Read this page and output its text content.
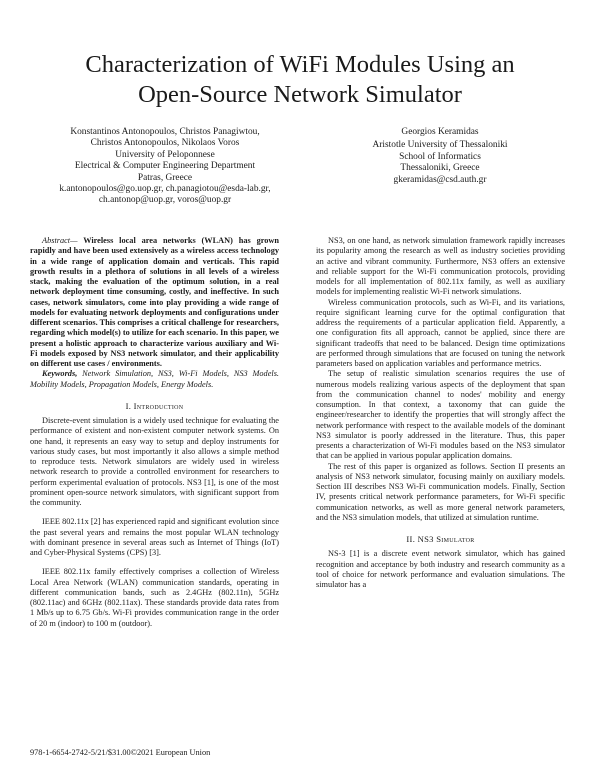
Characterization of WiFi Modules Using an
Open-Source Network Simulator
Konstantinos Antonopoulos, Christos Panagiwtou,
Christos Antonopoulos, Nikolaos Voros
University of Peloponnese
Electrical & Computer Engineering Department
Patras, Greece
k.antonopoulos@go.uop.gr, ch.panagiotou@esda-lab.gr,
ch.antonop@uop.gr, voros@uop.gr
Georgios Keramidas
Aristotle University of Thessaloniki
School of Informatics
Thessaloniki, Greece
gkeramidas@csd.auth.gr

Abstract— Wireless local area networks (WLAN) has grown rapidly and have been used extensively as a wireless access technology in a wide range of application domain and verticals. This rapid growth results in a plethora of solutions in all levels of a wireless stack, making the evaluation of the optimum solution, in a real network deployment time consuming, costly, and ineffective. In such cases, network simulators, come into play providing a wide range of models for evaluating network deployments and configurations under different scenarios. This comprises a critical challenge for researchers, regarding which model(s) to utilize for each scenario. In this paper, we present a holistic approach to characterize various auxiliary and Wi-Fi models exposed by NS3 network simulator, and their applicability on different use cases / environments.

Keywords, Network Simulation, NS3, Wi-Fi Models, NS3 Models. Mobility Models, Propagation Models, Energy Models.

I. Introduction

Discrete-event simulation is a widely used technique for evaluating the performance of existent and non-existent computer network systems. On one hand, it represents an easy way to setup and deploy instruments for various study cases, but most importantly it also allows a simple method to reproduce tests. Network simulators are widely used in wireless network research to provide a controlled environment for researchers to perform experimental evaluation of protocols. NS3 [1], is one of the most prominent open-source network simulators, with significant support from the community.

IEEE 802.11x [2] has experienced rapid and significant evolution since the past several years and remains the most popular WLAN technology with dominant presence in several areas such as Internet of Things (IoT) and Cyber-Physical Systems (CPS) [3].

IEEE 802.11x family effectively comprises a collection of Wireless Local Area Network (WLAN) communication standards, operating in different communication bands, such as 2.4GHz (802.11n), 5GHz (802.11ac) and 6GHz (802.11ax). These standards provide data rates from 1 Mb/s up to 6.75 Gb/s. Wi-Fi provides communication range in the order of 20 m (indoor) to 100 m (outdoor).

NS3, on one hand, as network simulation framework rapidly increases its popularity among the research as well as industry societies providing an active and vibrant community. Furthermore, NS3 offers an extensive and reliable support for the Wi-Fi communication protocols, providing models for all implementation of 802.11x family, as well as auxiliary models for implementing realistic Wi-Fi network simulations.

Wireless communication protocols, such as Wi-Fi, and its variations, require significant learning curve for the optimal configuration that address the requirements of a particular application field. Apparently, a one configuration fits all approach, cannot be applied, since there are significant tradeoffs that need to be balanced. Design time optimizations are performed through simulations that are focused on tuning the network parameters based on application variables and performance metrics.

The setup of realistic simulation scenarios requires the use of numerous models realizing various aspects of the deployment that span from the communication channel to nodes' mobility and energy consumption. In that context, a taxonomy that can guide the engineer/researcher to identify the properties that will strongly affect the network performance with respect to the available models of the dominant NS3 simulator is poorly addressed in the literature. Thus, this paper presents a characterization of Wi-Fi modules based on the NS3 simulator that can be applied in various popular application domains.

The rest of this paper is organized as follows. Section II presents an analysis of NS3 network simulator, focusing mainly on auxiliary models. Section III describes NS3 Wi-Fi communication models. Finally, Section IV, presents critical network performance parameters, for Wi-Fi specific communication networks, as well as more general network parameters, and the NS3 simulation models, that utilized at simulation runtime.

II. NS3 Simulator

NS-3 [1] is a discrete event network simulator, which has gained recognition and acceptance by both industry and research community as a tool of choice for network performance and evaluation simulations. The simulator has a

978-1-6654-2742-5/21/$31.00©2021 European Union
